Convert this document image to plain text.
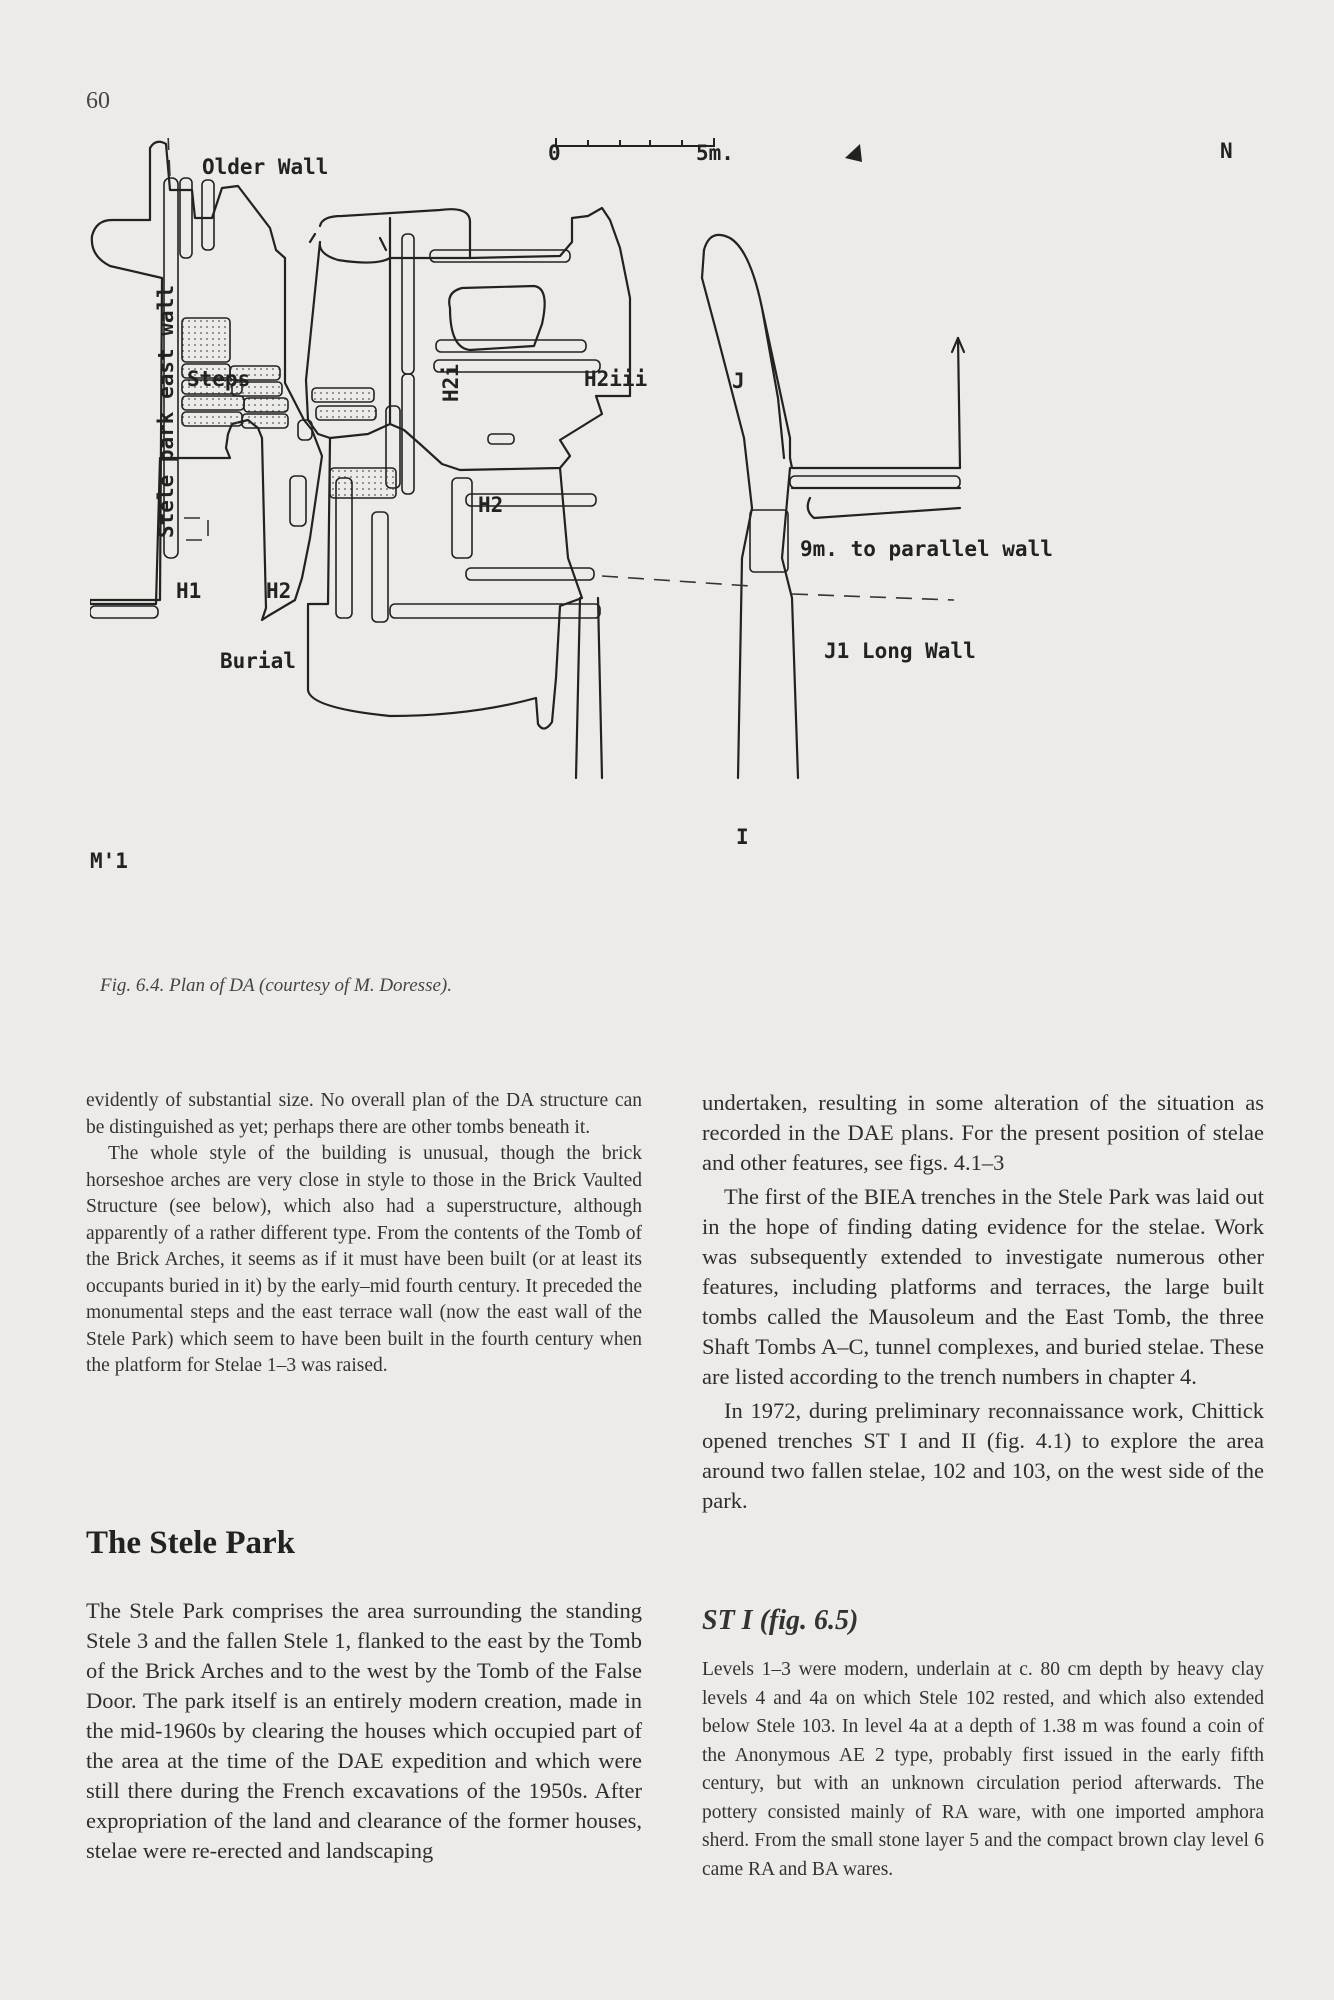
60
Older Wall
Steps
Stele park east wall
H1	H2
H2
H2i	H2iii
Burial
M'1
J
I
9m. to parallel wall
J1 Long Wall
0	5m.	N
Fig. 6.4. Plan of DA (courtesy of M. Doresse).

evidently of substantial size. No overall plan of the DA structure can be distinguished as yet; perhaps there are other tombs beneath it.

The whole style of the building is unusual, though the brick horseshoe arches are very close in style to those in the Brick Vaulted Structure (see below), which also had a superstructure, although apparently of a rather different type. From the contents of the Tomb of the Brick Arches, it seems as if it must have been built (or at least its occupants buried in it) by the early–mid fourth century. It preceded the monumental steps and the east terrace wall (now the east wall of the Stele Park) which seem to have been built in the fourth century when the platform for Stelae 1–3 was raised.

The Stele Park

The Stele Park comprises the area surrounding the standing Stele 3 and the fallen Stele 1, flanked to the east by the Tomb of the Brick Arches and to the west by the Tomb of the False Door. The park itself is an entirely modern creation, made in the mid-1960s by clearing the houses which occupied part of the area at the time of the DAE expedition and which were still there during the French excavations of the 1950s. After expropriation of the land and clearance of the former houses, stelae were re-erected and landscaping

undertaken, resulting in some alteration of the situation as recorded in the DAE plans. For the present position of stelae and other features, see figs. 4.1–3

The first of the BIEA trenches in the Stele Park was laid out in the hope of finding dating evidence for the stelae. Work was subsequently extended to investigate numerous other features, including platforms and terraces, the large built tombs called the Mausoleum and the East Tomb, the three Shaft Tombs A–C, tunnel complexes, and buried stelae. These are listed according to the trench numbers in chapter 4.

In 1972, during preliminary reconnaissance work, Chittick opened trenches ST I and II (fig. 4.1) to explore the area around two fallen stelae, 102 and 103, on the west side of the park.

ST I (fig. 6.5)

Levels 1–3 were modern, underlain at c. 80 cm depth by heavy clay levels 4 and 4a on which Stele 102 rested, and which also extended below Stele 103. In level 4a at a depth of 1.38 m was found a coin of the Anonymous AE 2 type, probably first issued in the early fifth century, but with an unknown circulation period afterwards. The pottery consisted mainly of RA ware, with one imported amphora sherd. From the small stone layer 5 and the compact brown clay level 6 came RA and BA wares.
